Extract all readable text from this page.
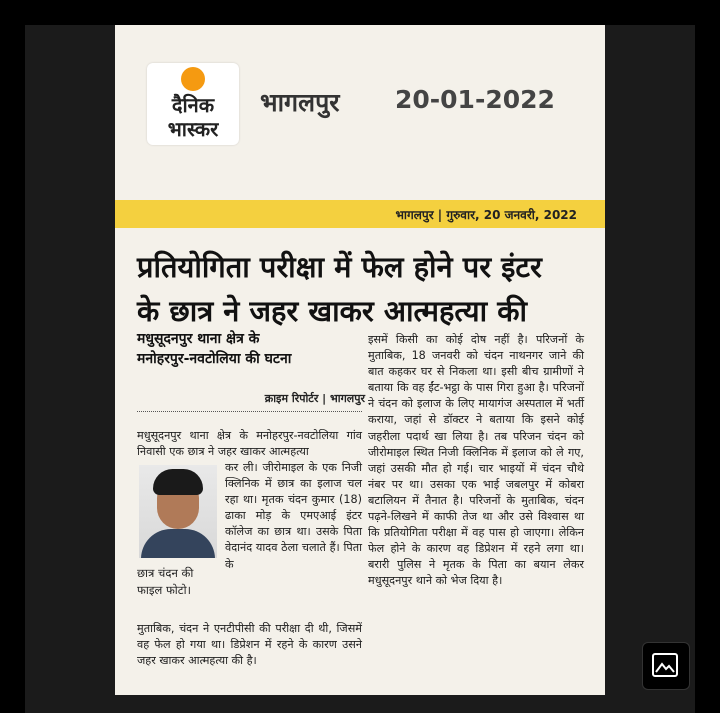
दैनिक
भास्कर
भागलपुर 20-01-2022
भागलपुर | गुरुवार, 20 जनवरी, 2022
प्रतियोगिता परीक्षा में फेल होने पर इंटर
के छात्र ने जहर खाकर आत्महत्या की
मधुसूदनपुर थाना क्षेत्र के
मनोहरपुर-नवटोलिया की घटना
क्राइम रिपोर्टर | भागलपुर
मधुसूदनपुर थाना क्षेत्र के मनोहरपुर-नवटोलिया गांव निवासी एक छात्र ने जहर खाकर आत्महत्या
छात्र चंदन की
फाइल फोटो।
कर ली। जीरोमाइल के एक निजी क्लिनिक में छात्र का इलाज चल रहा था। मृतक चंदन कुमार (18) ढाका मोड़ के एमएआई इंटर कॉलेज का छात्र था। उसके पिता वेदानंद यादव ठेला चलाते हैं। पिता के
मुताबिक, चंदन ने एनटीपीसी की परीक्षा दी थी, जिसमें वह फेल हो गया था। डिप्रेशन में रहने के कारण उसने जहर खाकर आत्महत्या की है।
इसमें किसी का कोई दोष नहीं है। परिजनों के मुताबिक, 18 जनवरी को चंदन नाथनगर जाने की बात कहकर घर से निकला था। इसी बीच ग्रामीणों ने बताया कि वह ईंट-भट्ठा के पास गिरा हुआ है। परिजनों ने चंदन को इलाज के लिए मायागंज अस्पताल में भर्ती कराया, जहां से डॉक्टर ने बताया कि इसने कोई जहरीला पदार्थ खा लिया है। तब परिजन चंदन को जीरोमाइल स्थित निजी क्लिनिक में इलाज को ले गए, जहां उसकी मौत हो गई। चार भाइयों में चंदन चौथे नंबर पर था। उसका एक भाई जबलपुर में कोबरा बटालियन में तैनात है। परिजनों के मुताबिक, चंदन पढ़ने-लिखने में काफी तेज था और उसे विश्वास था कि प्रतियोगिता परीक्षा में वह पास हो जाएगा। लेकिन फेल होने के कारण वह डिप्रेशन में रहने लगा था। बरारी पुलिस ने मृतक के पिता का बयान लेकर मधुसूदनपुर थाने को भेज दिया है।
